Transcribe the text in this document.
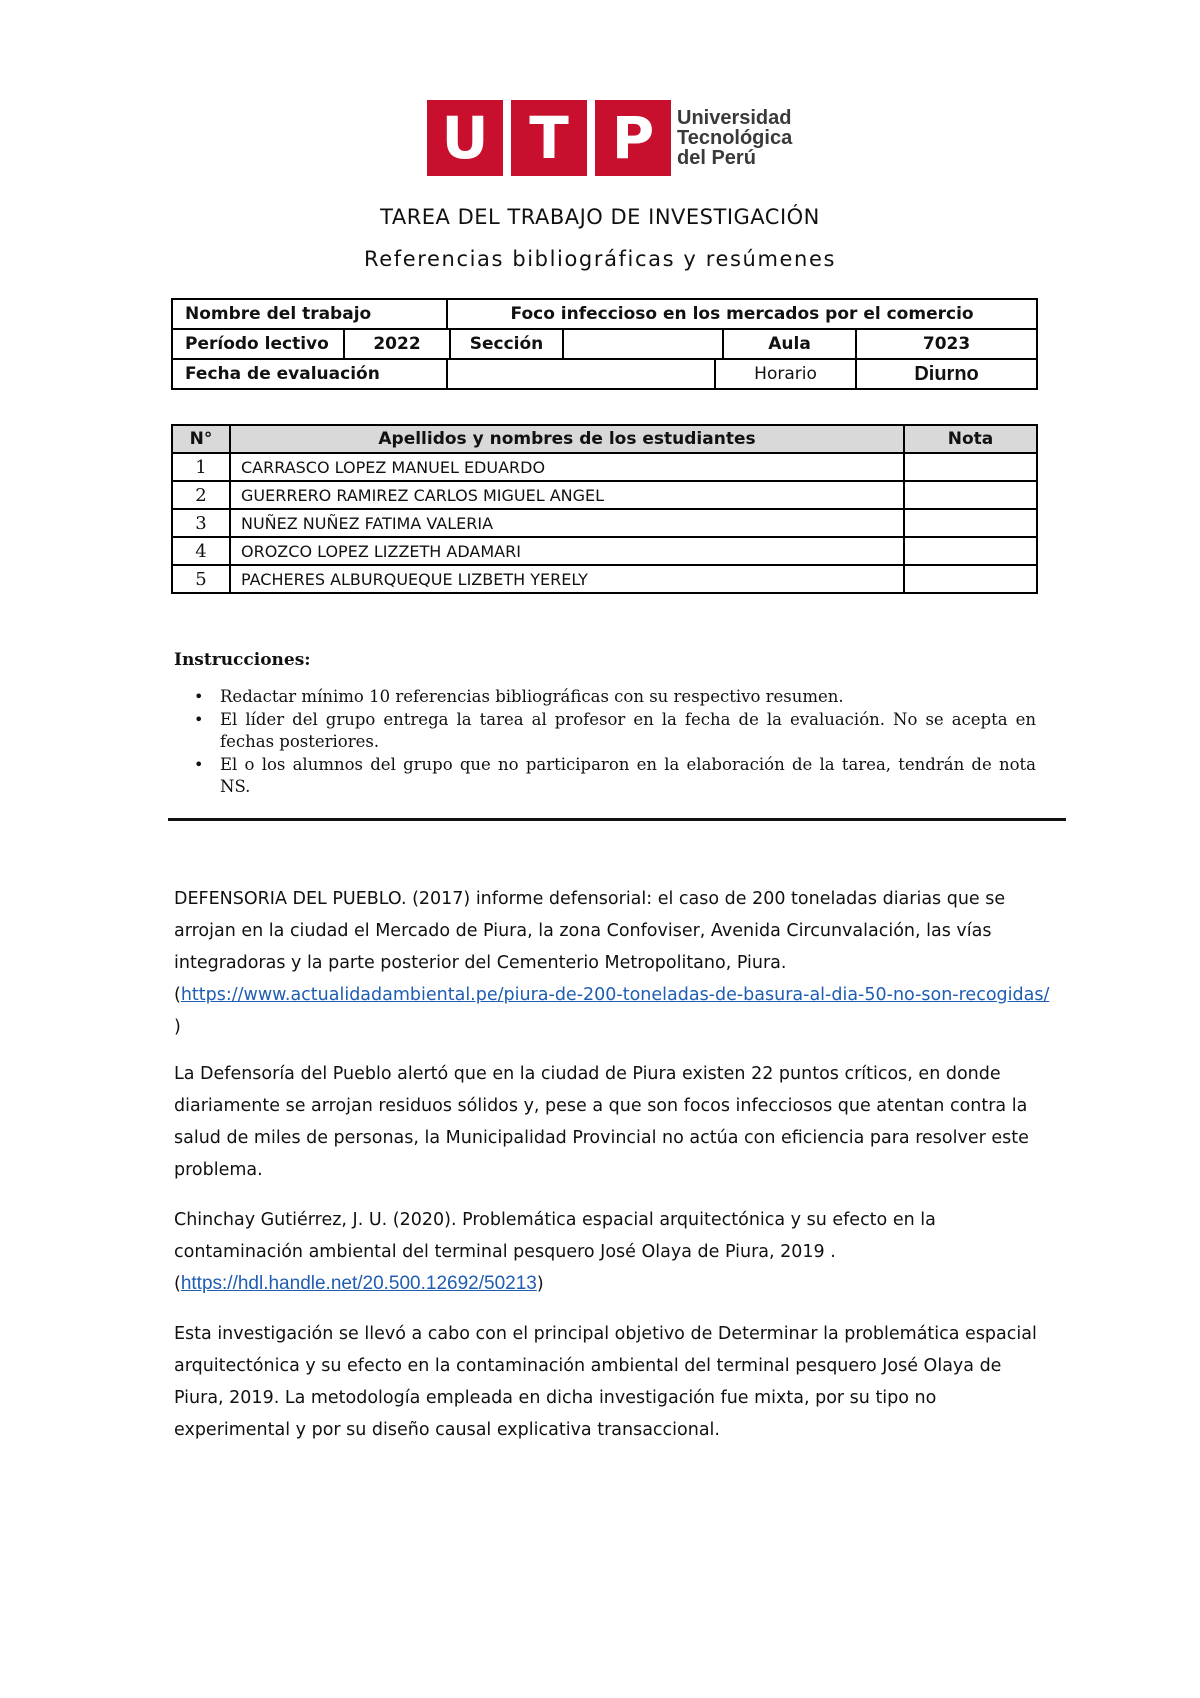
U T P	Universidad
Tecnológica
del Perú
TAREA DEL TRABAJO DE INVESTIGACIÓN
Referencias bibliográficas y resúmenes
Nombre del trabajo		Foco infeccioso en los mercados por el comercio					
Período lectivo	2022		Sección			Aula	7023
Fecha de evaluación					Horario		Diurno
N°	Apellidos y nombres de los estudiantes	Nota
1	CARRASCO LOPEZ MANUEL EDUARDO	
2	GUERRERO RAMIREZ CARLOS MIGUEL ANGEL	
3	NUÑEZ NUÑEZ FATIMA VALERIA	
4	OROZCO LOPEZ LIZZETH ADAMARI	
5	PACHERES ALBURQUEQUE LIZBETH YERELY	
Instrucciones:
• Redactar mínimo 10 referencias bibliográficas con su respectivo resumen.
• El líder del grupo entrega la tarea al profesor en la fecha de la evaluación. No se acepta en fechas posteriores.
• El o los alumnos del grupo que no participaron en la elaboración de la tarea, tendrán de nota NS.
DEFENSORIA DEL PUEBLO. (2017) informe defensorial: el caso de 200 toneladas diarias que se arrojan en la ciudad el Mercado de Piura, la zona Confoviser, Avenida Circunvalación, las vías integradoras y la parte posterior del Cementerio Metropolitano, Piura. (https://www.actualidadambiental.pe/piura-de-200-toneladas-de-basura-al-dia-50-no-son-recogidas/ )
La Defensoría del Pueblo alertó que en la ciudad de Piura existen 22 puntos críticos, en donde diariamente se arrojan residuos sólidos y, pese a que son focos infecciosos que atentan contra la salud de miles de personas, la Municipalidad Provincial no actúa con eficiencia para resolver este problema.
Chinchay Gutiérrez, J. U. (2020). Problemática espacial arquitectónica y su efecto en la contaminación ambiental del terminal pesquero José Olaya de Piura, 2019 . (https://hdl.handle.net/20.500.12692/50213)
Esta investigación se llevó a cabo con el principal objetivo de Determinar la problemática espacial arquitectónica y su efecto en la contaminación ambiental del terminal pesquero José Olaya de Piura, 2019. La metodología empleada en dicha investigación fue mixta, por su tipo no experimental y por su diseño causal explicativa transaccional.
